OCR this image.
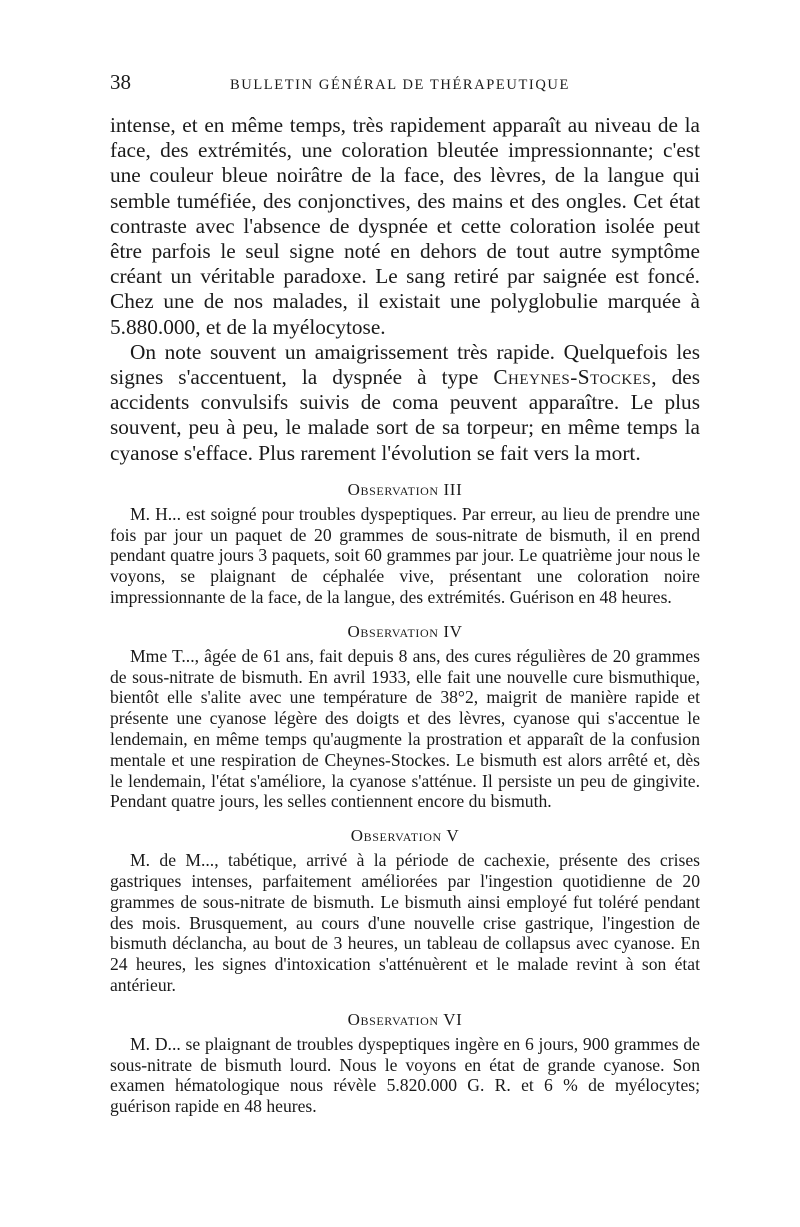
38	BULLETIN GÉNÉRAL DE THÉRAPEUTIQUE

intense, et en même temps, très rapidement apparaît au niveau de la face, des extrémités, une coloration bleutée impressionnante; c'est une couleur bleue noirâtre de la face, des lèvres, de la langue qui semble tuméfiée, des conjonctives, des mains et des ongles. Cet état contraste avec l'absence de dyspnée et cette coloration isolée peut être parfois le seul signe noté en dehors de tout autre symptôme créant un véritable paradoxe. Le sang retiré par saignée est foncé. Chez une de nos malades, il existait une polyglobulie marquée à 5.880.000, et de la myélocytose.

On note souvent un amaigrissement très rapide. Quelquefois les signes s'accentuent, la dyspnée à type Cheynes-Stockes, des accidents convulsifs suivis de coma peuvent apparaître. Le plus souvent, peu à peu, le malade sort de sa torpeur; en même temps la cyanose s'efface. Plus rarement l'évolution se fait vers la mort.

Observation III

M. H... est soigné pour troubles dyspeptiques. Par erreur, au lieu de prendre une fois par jour un paquet de 20 grammes de sous-nitrate de bismuth, il en prend pendant quatre jours 3 paquets, soit 60 grammes par jour. Le quatrième jour nous le voyons, se plaignant de céphalée vive, présentant une coloration noire impressionnante de la face, de la langue, des extrémités. Guérison en 48 heures.

Observation IV

Mme T..., âgée de 61 ans, fait depuis 8 ans, des cures régulières de 20 grammes de sous-nitrate de bismuth. En avril 1933, elle fait une nouvelle cure bismuthique, bientôt elle s'alite avec une température de 38°2, maigrit de manière rapide et présente une cyanose légère des doigts et des lèvres, cyanose qui s'accentue le lendemain, en même temps qu'augmente la prostration et apparaît de la confusion mentale et une respiration de Cheynes-Stockes. Le bismuth est alors arrêté et, dès le lendemain, l'état s'améliore, la cyanose s'atténue. Il persiste un peu de gingivite. Pendant quatre jours, les selles contiennent encore du bismuth.

Observation V

M. de M..., tabétique, arrivé à la période de cachexie, présente des crises gastriques intenses, parfaitement améliorées par l'ingestion quotidienne de 20 grammes de sous-nitrate de bismuth. Le bismuth ainsi employé fut toléré pendant des mois. Brusquement, au cours d'une nouvelle crise gastrique, l'ingestion de bismuth déclancha, au bout de 3 heures, un tableau de collapsus avec cyanose. En 24 heures, les signes d'intoxication s'atténuèrent et le malade revint à son état antérieur.

Observation VI

M. D... se plaignant de troubles dyspeptiques ingère en 6 jours, 900 grammes de sous-nitrate de bismuth lourd. Nous le voyons en état de grande cyanose. Son examen hématologique nous révèle 5.820.000 G. R. et 6 % de myélocytes; guérison rapide en 48 heures.
